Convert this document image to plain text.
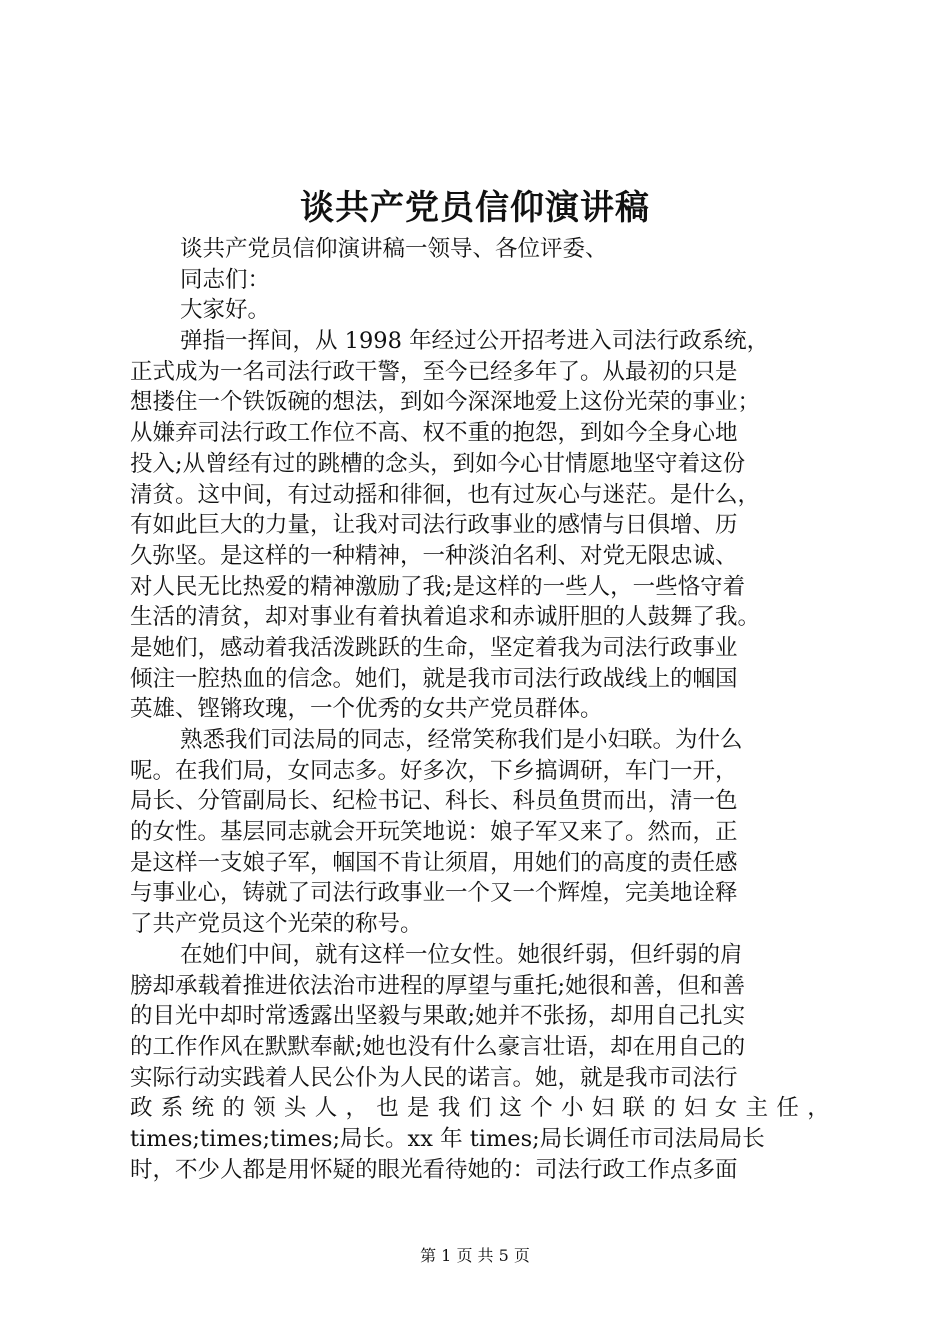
谈共产党员信仰演讲稿
谈共产党员信仰演讲稿一领导、各位评委、
同志们：
大家好。
弹指一挥间，从 1998 年经过公开招考进入司法行政系统，
正式成为一名司法行政干警，至今已经多年了。从最初的只是
想搂住一个铁饭碗的想法，到如今深深地爱上这份光荣的事业；
从嫌弃司法行政工作位不高、权不重的抱怨，到如今全身心地
投入;从曾经有过的跳槽的念头，到如今心甘情愿地坚守着这份
清贫。这中间，有过动摇和徘徊，也有过灰心与迷茫。是什么，
有如此巨大的力量，让我对司法行政事业的感情与日俱增、历
久弥坚。是这样的一种精神，一种淡泊名利、对党无限忠诚、
对人民无比热爱的精神激励了我;是这样的一些人，一些恪守着
生活的清贫，却对事业有着执着追求和赤诚肝胆的人鼓舞了我。
是她们，感动着我活泼跳跃的生命，坚定着我为司法行政事业
倾注一腔热血的信念。她们，就是我市司法行政战线上的帼国
英雄、铿锵玫瑰，一个优秀的女共产党员群体。
熟悉我们司法局的同志，经常笑称我们是小妇联。为什么
呢。在我们局，女同志多。好多次，下乡搞调研，车门一开，
局长、分管副局长、纪检书记、科长、科员鱼贯而出，清一色
的女性。基层同志就会开玩笑地说：娘子军又来了。然而，正
是这样一支娘子军，帼国不肯让须眉，用她们的高度的责任感
与事业心，铸就了司法行政事业一个又一个辉煌，完美地诠释
了共产党员这个光荣的称号。
在她们中间，就有这样一位女性。她很纤弱，但纤弱的肩
膀却承载着推进依法治市进程的厚望与重托;她很和善，但和善
的目光中却时常透露出坚毅与果敢;她并不张扬，却用自己扎实
的工作作风在默默奉献;她也没有什么豪言壮语，却在用自己的
实际行动实践着人民公仆为人民的诺言。她，就是我市司法行
政 系 统 的 领 头 人 ， 也 是 我 们 这 个 小 妇 联 的 妇 女 主 任 ，
times;times;times;局长。xx 年 times;局长调任市司法局局长
时，不少人都是用怀疑的眼光看待她的：司法行政工作点多面
第 1 页 共 5 页
